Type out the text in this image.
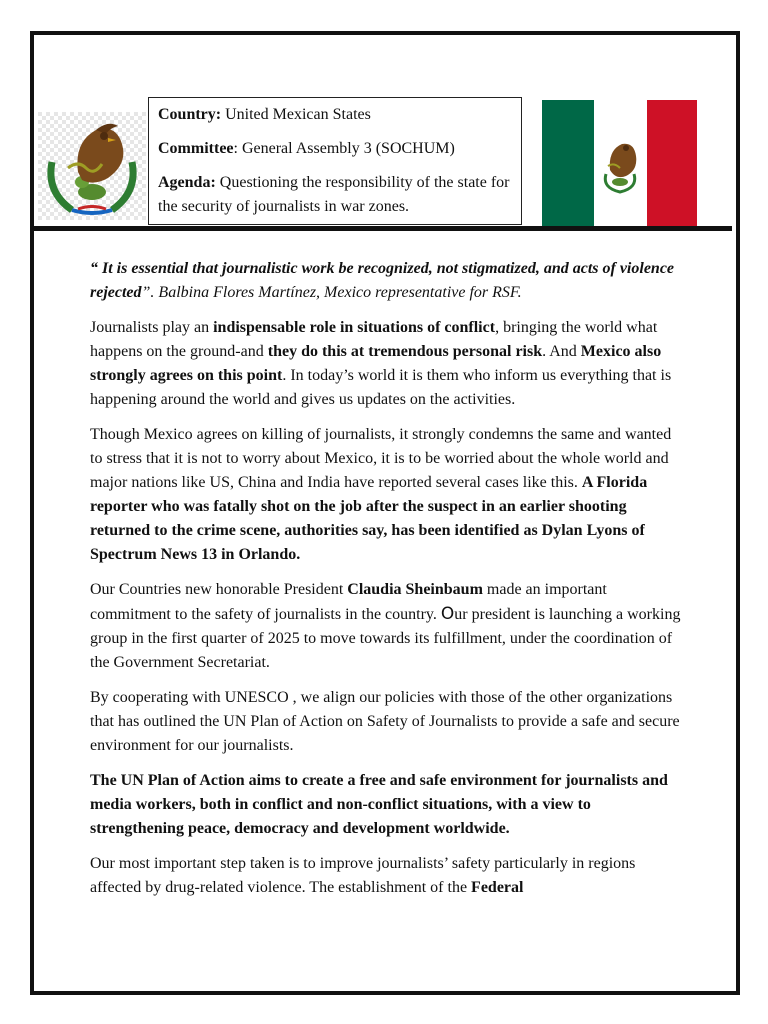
Country: United Mexican States

Committee: General Assembly 3 (SOCHUM)

Agenda: Questioning the responsibility of the state for the security of journalists in war zones.

“ It is essential that journalistic work be recognized, not stigmatized, and acts of violence rejected”. Balbina Flores Martínez, Mexico representative for RSF.

Journalists play an indispensable role in situations of conflict, bringing the world what happens on the ground-and they do this at tremendous personal risk. And Mexico also strongly agrees on this point. In today’s world it is them who inform us everything that is happening around the world and gives us updates on the activities.

Though Mexico agrees on killing of journalists, it strongly condemns the same and wanted to stress that it is not to worry about Mexico, it is to be worried about the whole world and major nations like US, China and India have reported several cases like this. A Florida reporter who was fatally shot on the job after the suspect in an earlier shooting returned to the crime scene, authorities say, has been identified as Dylan Lyons of Spectrum News 13 in Orlando.

Our Countries new honorable President Claudia Sheinbaum made an important commitment to the safety of journalists in the country. Our president is launching a working group in the first quarter of 2025 to move towards its fulfillment, under the coordination of the Government Secretariat.

By cooperating with UNESCO , we align our policies with those of the other organizations that has outlined the UN Plan of Action on Safety of Journalists to provide a safe and secure environment for our journalists.

The UN Plan of Action aims to create a free and safe environment for journalists and media workers, both in conflict and non-conflict situations, with a view to strengthening peace, democracy and development worldwide.

Our most important step taken is to improve journalists’ safety particularly in regions affected by drug-related violence. The establishment of the Federal
